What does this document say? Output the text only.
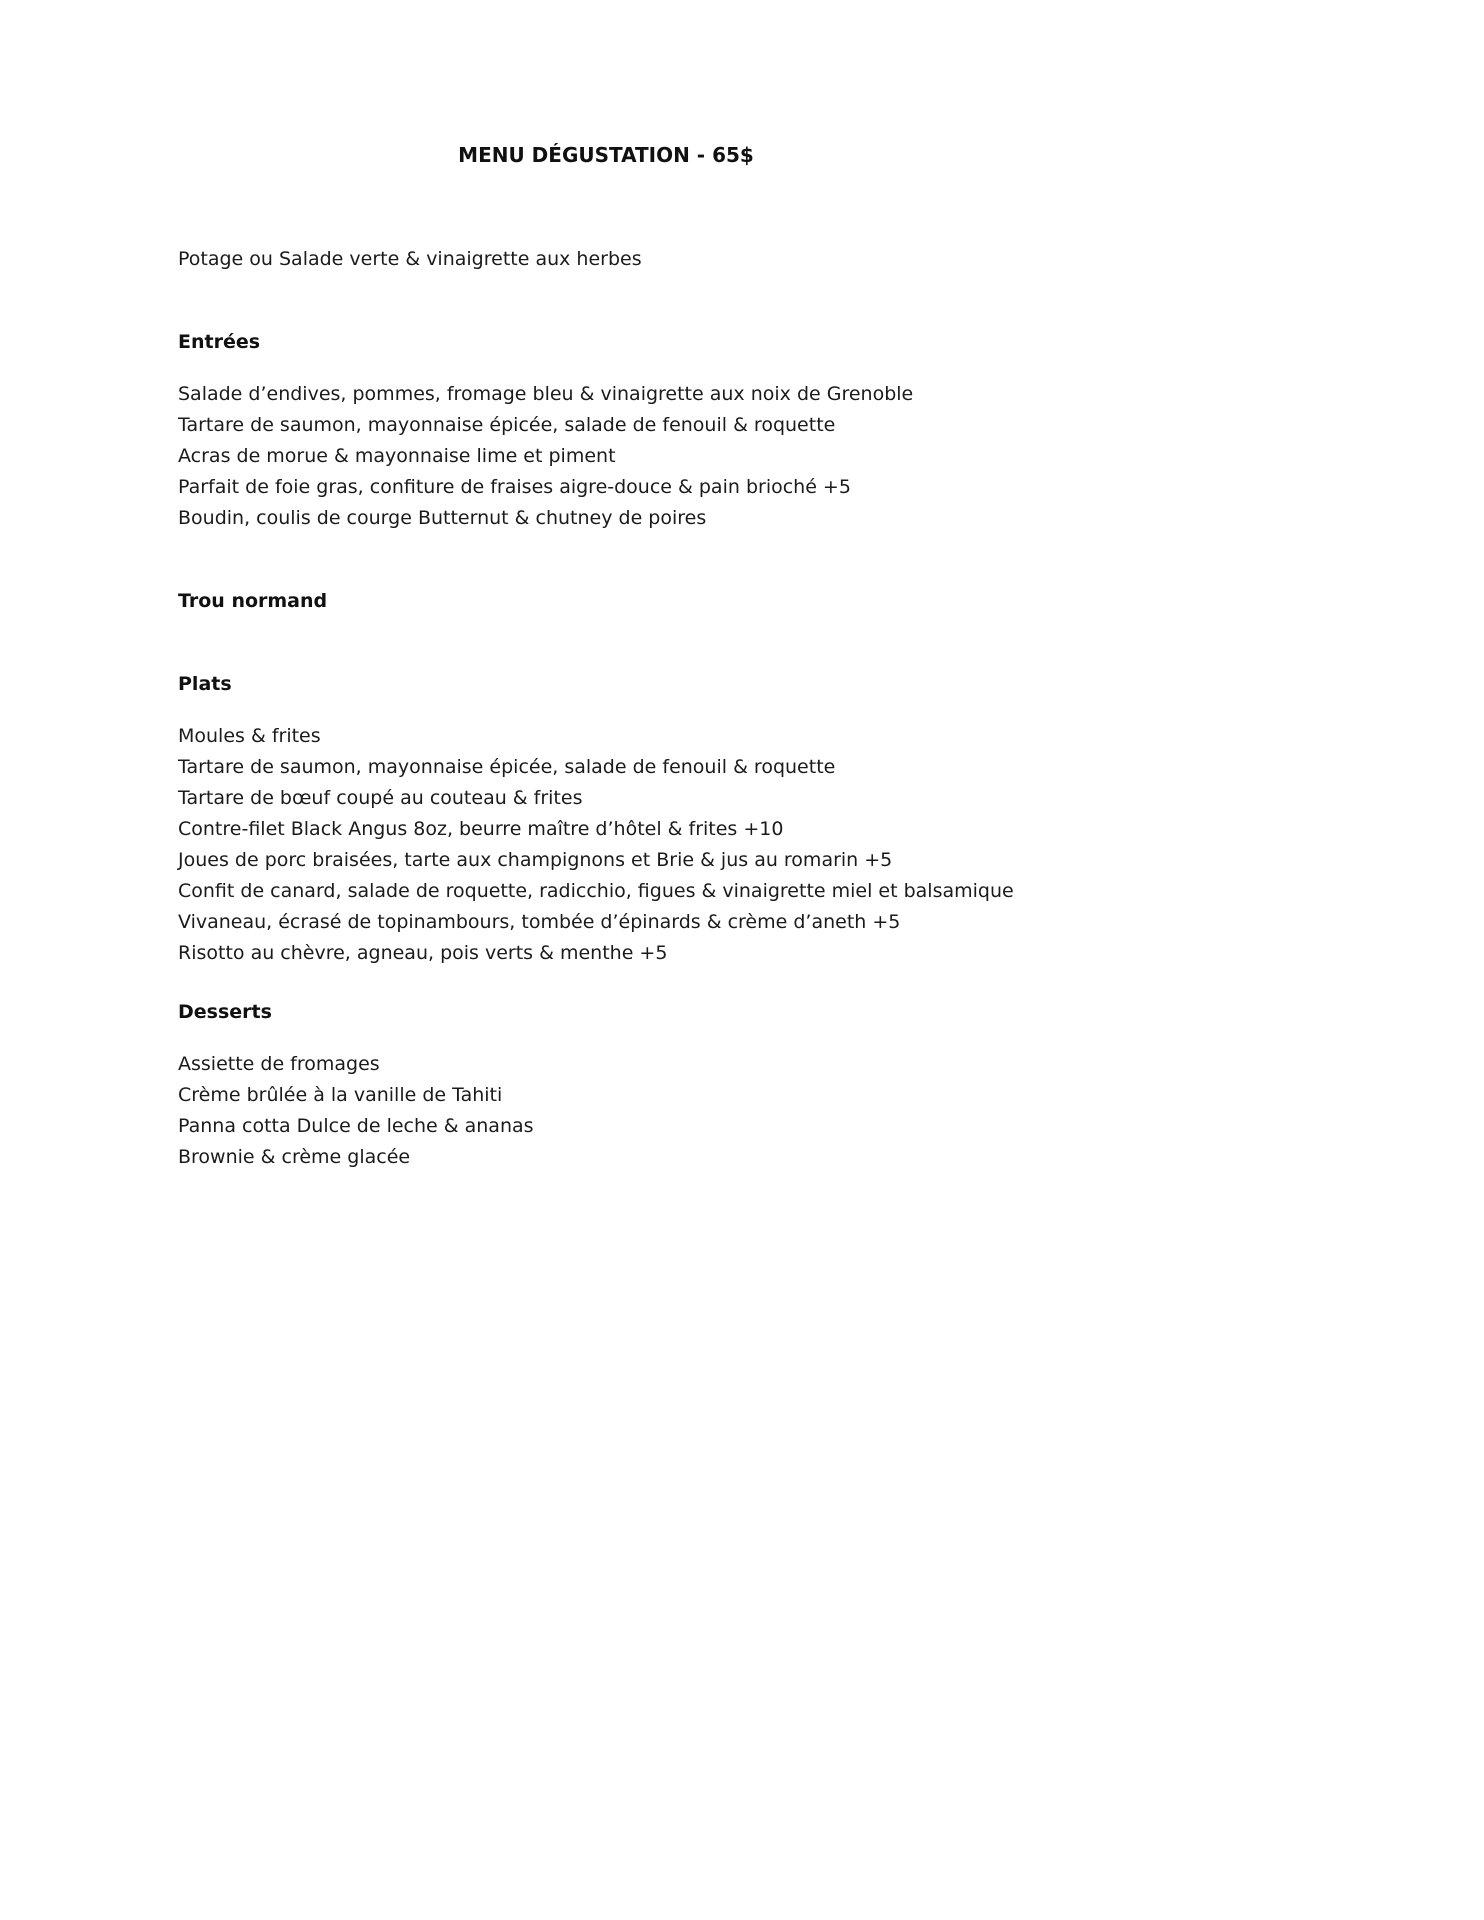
MENU DÉGUSTATION - 65$

Potage ou Salade verte & vinaigrette aux herbes

Entrées
Salade d’endives, pommes, fromage bleu & vinaigrette aux noix de Grenoble
Tartare de saumon, mayonnaise épicée, salade de fenouil & roquette
Acras de morue & mayonnaise lime et piment
Parfait de foie gras, confiture de fraises aigre-douce & pain brioché +5
Boudin, coulis de courge Butternut & chutney de poires
Trou normand
Plats
Moules & frites
Tartare de saumon, mayonnaise épicée, salade de fenouil & roquette
Tartare de bœuf coupé au couteau & frites
Contre-filet Black Angus 8oz, beurre maître d’hôtel & frites +10
Joues de porc braisées, tarte aux champignons et Brie & jus au romarin +5
Confit de canard, salade de roquette, radicchio, figues & vinaigrette miel et balsamique
Vivaneau, écrasé de topinambours, tombée d’épinards & crème d’aneth +5
Risotto au chèvre, agneau, pois verts & menthe +5
Desserts
Assiette de fromages
Crème brûlée à la vanille de Tahiti
Panna cotta Dulce de leche & ananas
Brownie & crème glacée
